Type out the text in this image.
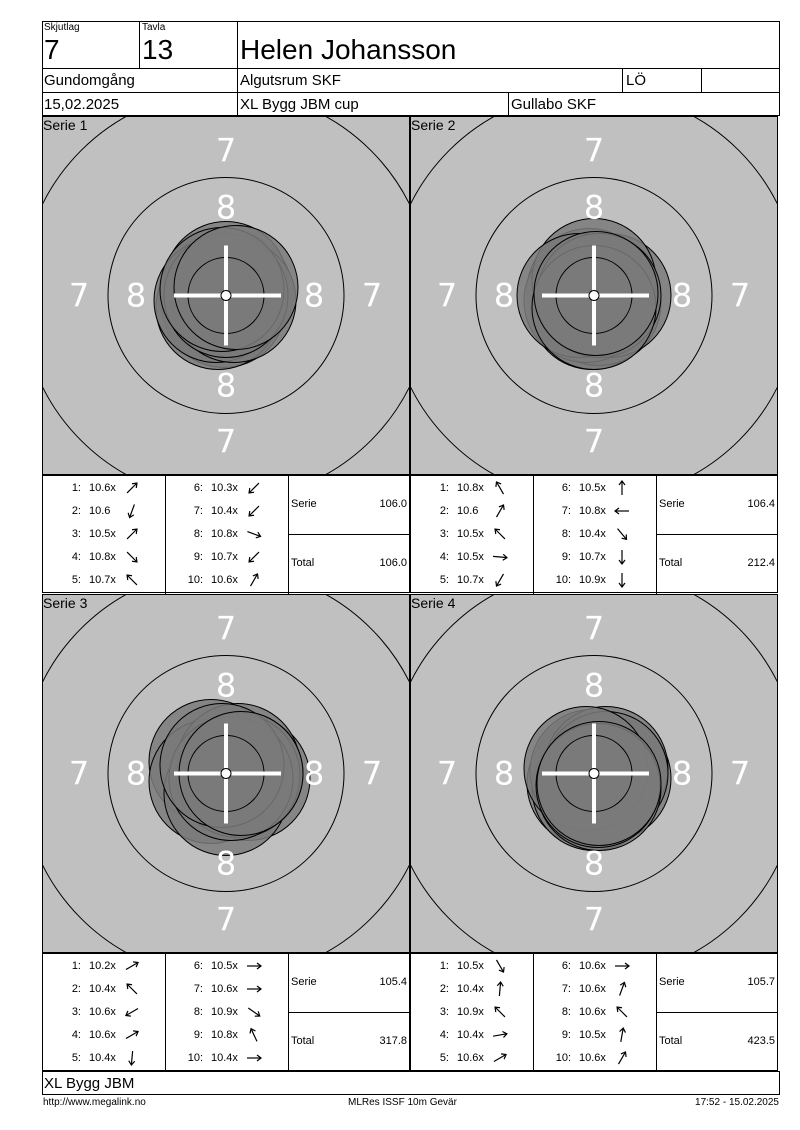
Skjutlag
7
Tavla
13 Helen Johansson
Gundomgång	Algutsrum SKF	LÖ
15,02.2025	XL Bygg JBM cup	Gullabo SKF
7
7
7	7
8
8
8	8
Serie 1
1: 10.6x
2: 10.6
3: 10.5x
4: 10.8x
5: 10.7x
6: 10.3x
7: 10.4x
8: 10.8x
9: 10.7x
10: 10.6x
Serie	106.0
Total	106.0
7
7
7	7
8
8
8	8
Serie 2
1: 10.8x
2: 10.6
3: 10.5x
4: 10.5x
5: 10.7x
6: 10.5x
7: 10.8x
8: 10.4x
9: 10.7x
10: 10.9x
Serie	106.4
Total	212.4
7
7
7	7
8
8
8	8
Serie 3
1: 10.2x
2: 10.4x
3: 10.6x
4: 10.6x
5: 10.4x
6: 10.5x
7: 10.6x
8: 10.9x
9: 10.8x
10: 10.4x
Serie	105.4
Total	317.8
7
7
7	7
8
8
8	8
Serie 4
1: 10.5x
2: 10.4x
3: 10.9x
4: 10.4x
5: 10.6x
6: 10.6x
7: 10.6x
8: 10.6x
9: 10.5x
10: 10.6x
Serie	105.7
Total	423.5
XL Bygg JBM
http://www.megalink.no	MLRes ISSF 10m Gevär	17:52 - 15.02.2025
